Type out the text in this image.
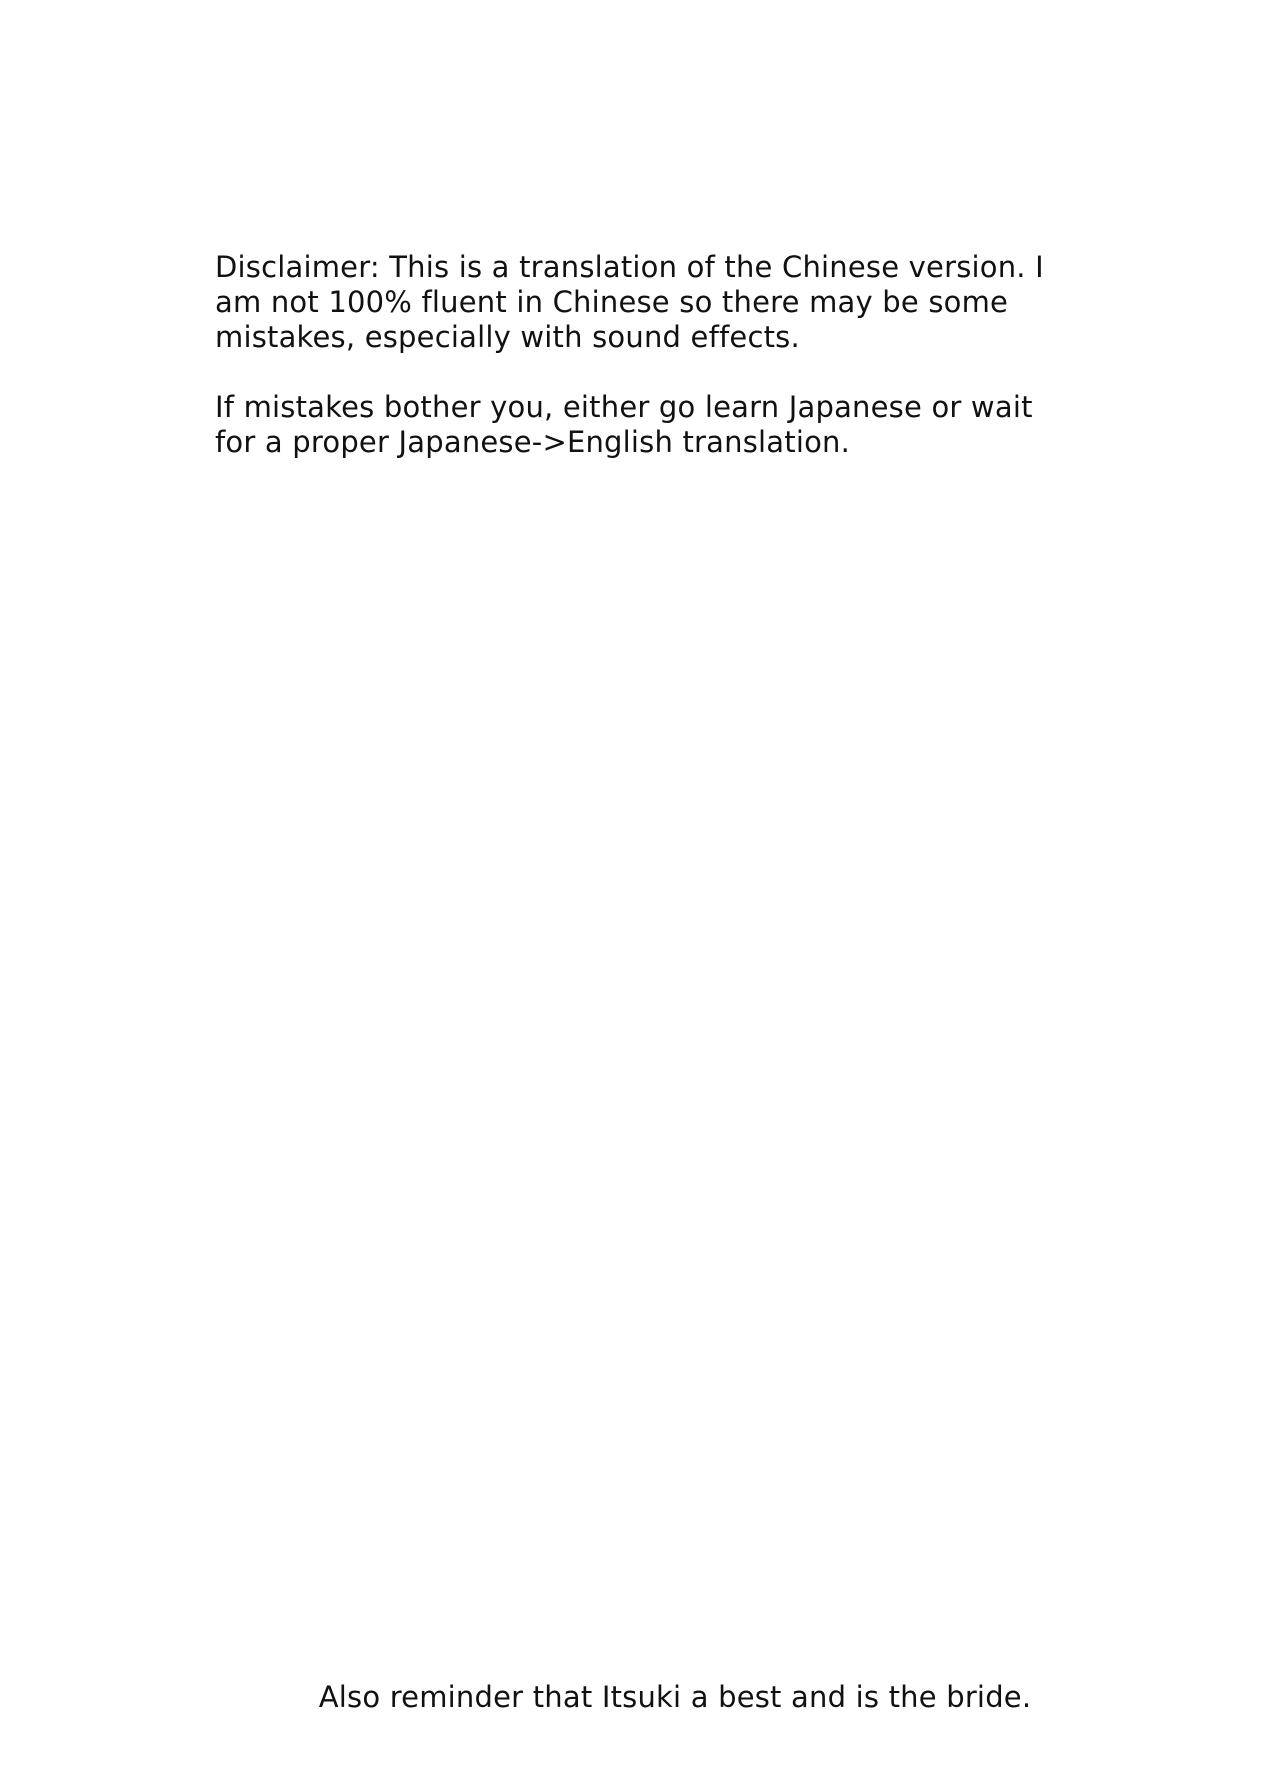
Disclaimer: This is a translation of the Chinese version. I
am not 100% fluent in Chinese so there may be some
mistakes, especially with sound effects.

If mistakes bother you, either go learn Japanese or wait
for a proper Japanese->English translation.

Also reminder that Itsuki a best and is the bride.
